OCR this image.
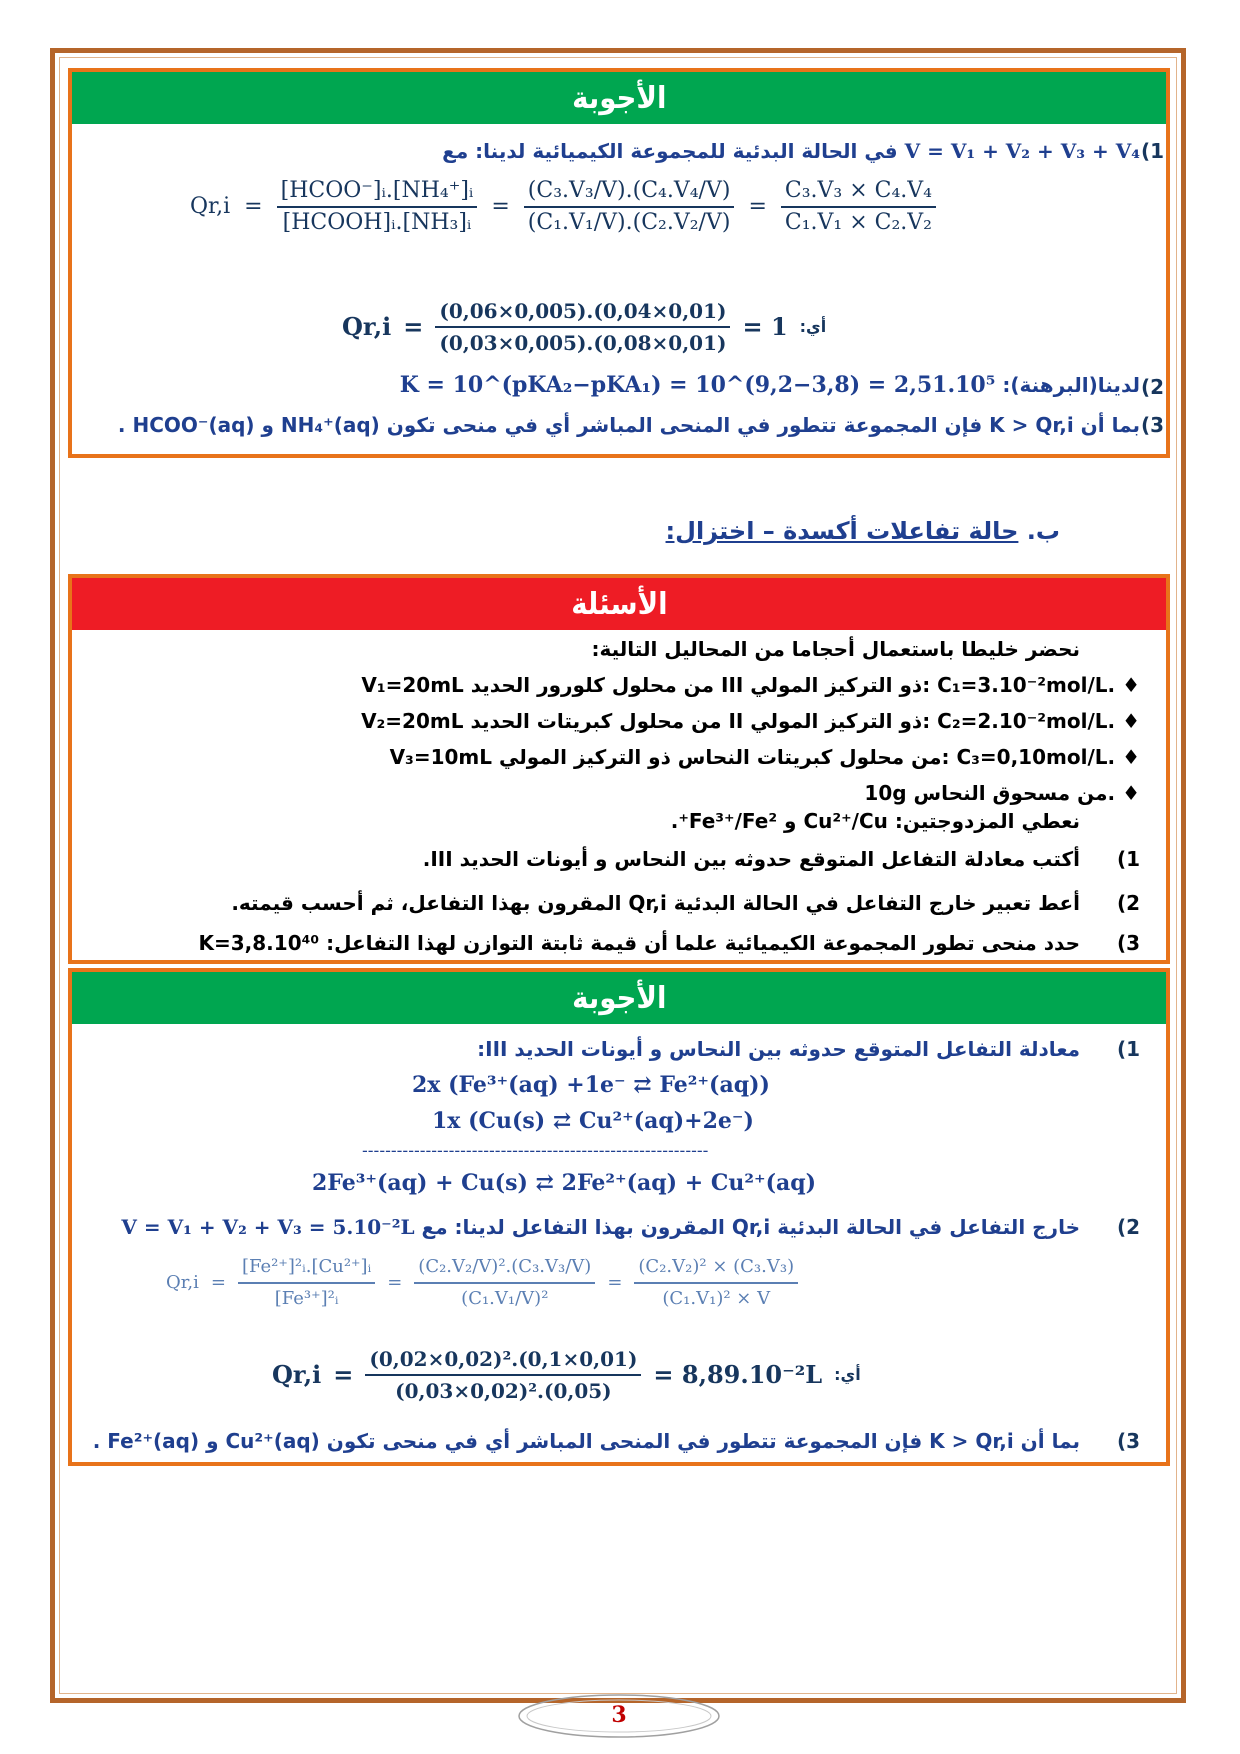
الأجوبة
في الحالة البدئية للمجموعة الكيميائية لدينا: مع V = V₁ + V₂ + V₃ + V₄ (1
$Qr,i = \frac{\text{[HCOO⁻]ᵢ.[NH₄⁺]ᵢ}}{\text{[HCOOH]ᵢ.[NH₃]ᵢ}} = \frac{\text{(C₃.V₃/V).(C₄.V₄/V)}}{\text{(C₁.V₁/V).(C₂.V₂/V)}} = \frac{\text{C₃.V₃ × C₄.V₄}}{\text{C₁.V₁ × C₂.V₂}}$
$Qr,i = \frac{(0,06\times 0,005).(0,04\times 0,01)}{(0,03\times 0,005).(0,08\times 0,01)} = 1$ أي:
K = 10^(pKA₂−pKA₁) = 10^(9,2−3,8) = 2,51.10⁵ لدينا(البرهنة): (2
بما أن K > Qr,i فإن المجموعة تتطور في المنحى المباشر أي في منحى تكون NH₄⁺(aq) و HCOO⁻(aq) . (3
حالة تفاعلات أكسدة – اختزال: ب.
الأسئلة
نحضر خليطا باستعمال أحجاما من المحاليل التالية:
V₁=20mL من محلول كلورور الحديد III ذو التركيز المولي: C₁=3.10⁻²mol/L. ♦
V₂=20mL من محلول كبريتات الحديد II ذو التركيز المولي: C₂=2.10⁻²mol/L. ♦
V₃=10mL من محلول كبريتات النحاس ذو التركيز المولي: C₃=0,10mol/L. ♦
10g من مسحوق النحاس. ♦
نعطي المزدوجتين: Cu²⁺/Cu و Fe³⁺/Fe²⁺.
أكتب معادلة التفاعل المتوقع حدوثه بين النحاس و أيونات الحديد III. (1
أعط تعبير خارج التفاعل في الحالة البدئية Qr,i المقرون بهذا التفاعل، ثم أحسب قيمته. (2
حدد منحى تطور المجموعة الكيميائية علما أن قيمة ثابتة التوازن لهذا التفاعل: K=3,8.10⁴⁰ (3
الأجوبة
معادلة التفاعل المتوقع حدوثه بين النحاس و أيونات الحديد III: (1
2x (Fe³⁺(aq) +1e⁻ ⇄ Fe²⁺(aq))
1x (Cu(s) ⇄ Cu²⁺(aq)+2e⁻)
------------------------------------------------------------
2Fe³⁺(aq) + Cu(s) ⇄ 2Fe²⁺(aq) + Cu²⁺(aq)
V = V₁ + V₂ + V₃ = 5.10⁻²L خارج التفاعل في الحالة البدئية Qr,i المقرون بهذا التفاعل لدينا: مع (2
$Qr,i = \frac{\text{[Fe²⁺]²ᵢ.[Cu²⁺]ᵢ}}{\text{[Fe³⁺]²ᵢ}} = \frac{\text{(C₂.V₂/V)².(C₃.V₃/V)}}{\text{(C₁.V₁/V)²}} = \frac{\text{(C₂.V₂)² × (C₃.V₃)}}{\text{(C₁.V₁)² × V}}$
$Qr,i = \frac{\text{(0,02×0,02)².(0,1×0,01)}}{\text{(0,03×0,02)².(0,05)}} = 8,89.10^{-2}L$ أي:
بما أن K > Qr,i فإن المجموعة تتطور في المنحى المباشر أي في منحى تكون Cu²⁺(aq) و Fe²⁺(aq) . (3
3
